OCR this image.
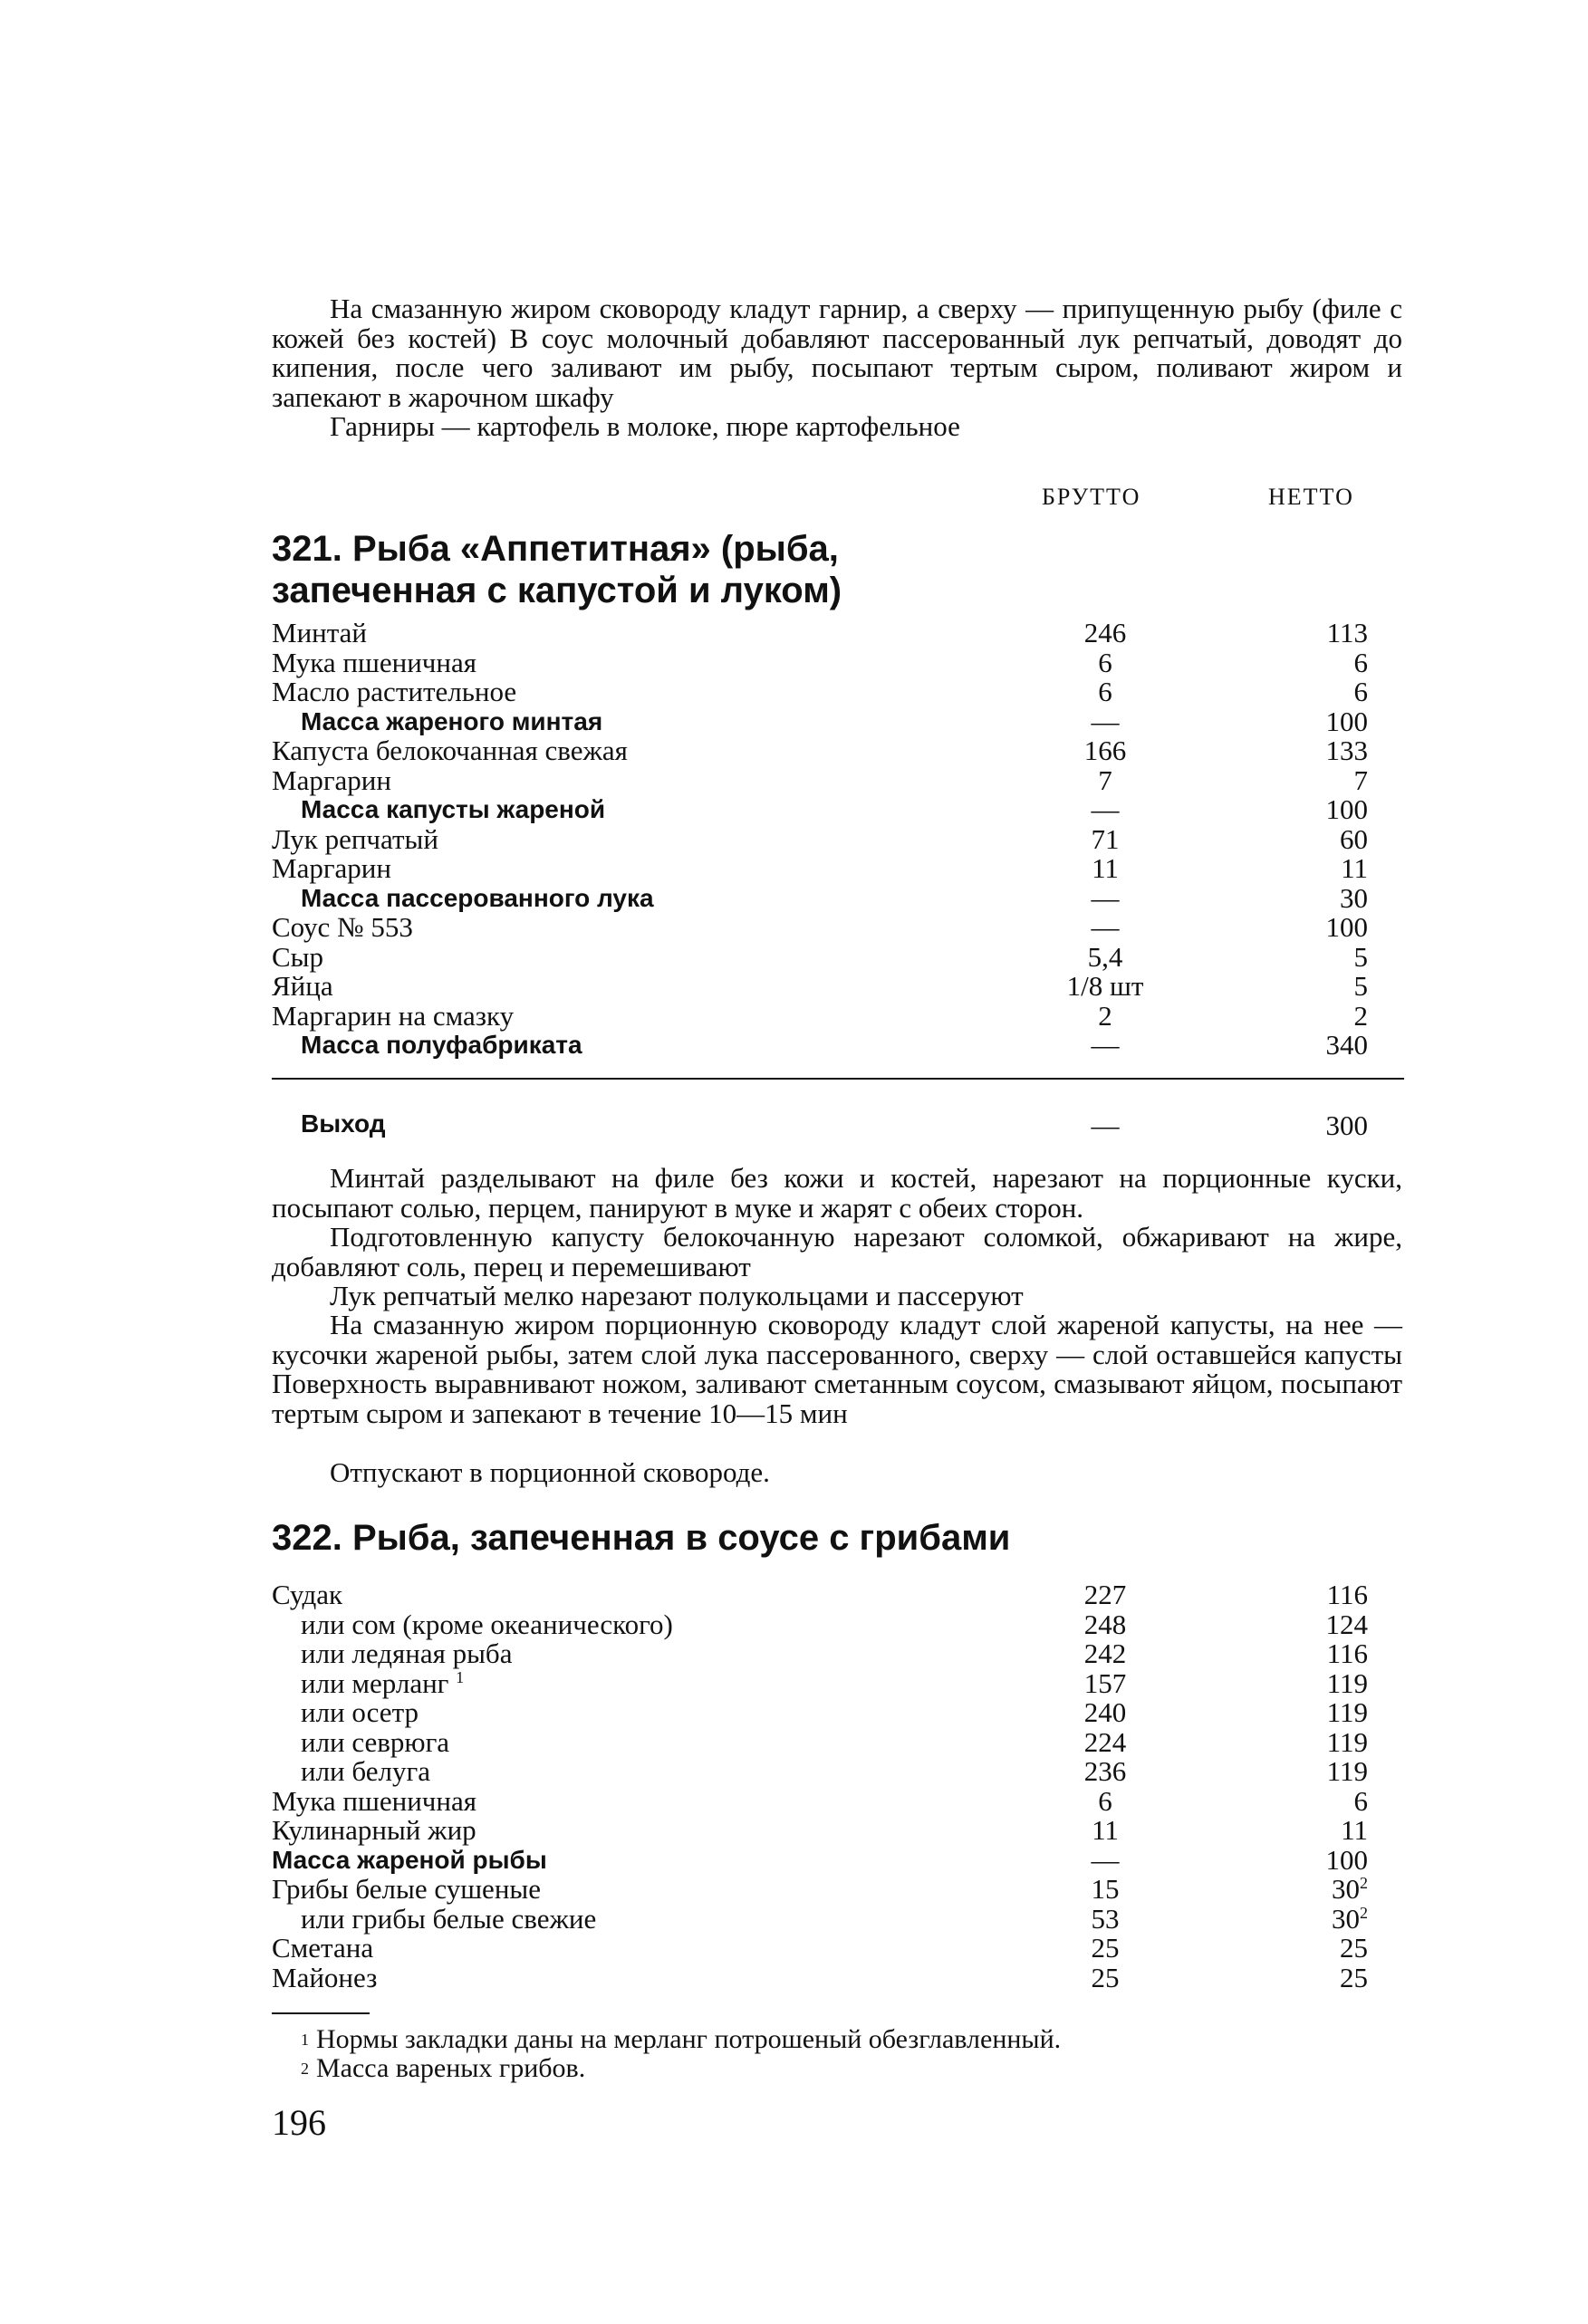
На смазанную жиром сковороду кладут гарнир, а сверху — припущенную рыбу (филе с кожей без костей) В соус молочный добавляют пассерованный лук репчатый, доводят до кипения, после чего заливают им рыбу, посыпают тертым сыром, поливают жиром и запекают в жарочном шкафу

Гарниры — картофель в молоке, пюре картофельное

БРУТТО	НЕТТО
321. Рыба «Аппетитная» (рыба, запеченная с капустой и луком)
Минтай	246	113
Мука пшеничная	6	6
Масло растительное	6	6
Масса жареного минтая	—	100
Капуста белокочанная свежая	166	133
Маргарин	7	7
Масса капусты жареной	—	100
Лук репчатый	71	60
Маргарин	11	11
Масса пассерованного лука	—	30
Соус № 553	—	100
Сыр	5,4	5
Яйца	1/8 шт	5
Маргарин на смазку	2	2
Масса полуфабриката	—	340
Выход	—	300

Минтай разделывают на филе без кожи и костей, нарезают на порционные куски, посыпают солью, перцем, панируют в муке и жарят с обеих сторон.

Подготовленную капусту белокочанную нарезают соломкой, обжаривают на жире, добавляют соль, перец и перемешивают

Лук репчатый мелко нарезают полукольцами и пассеруют

На смазанную жиром порционную сковороду кладут слой жареной капусты, на нее — кусочки жареной рыбы, затем слой лука пассерованного, сверху — слой оставшейся капусты Поверхность выравнивают ножом, заливают сметанным соусом, смазывают яйцом, посыпают тертым сыром и запекают в течение 10—15 мин

Отпускают в порционной сковороде.

322. Рыба, запеченная в соусе с грибами
Судак	227	116
или сом (кроме океанического)	248	124
или ледяная рыба	242	116
или мерланг $^1$	157	119
или осетр	240	119
или севрюга	224	119
или белуга	236	119
Мука пшеничная	6	6
Кулинарный жир	11	11
Масса жареной рыбы	—	100
Грибы белые сушеные	15	$30^2$
или грибы белые свежие	53	$30^2$
Сметана	25	25
Майонез	25	25
$^1$ Нормы закладки даны на мерланг потрошеный обезглавленный.
$^2$ Масса вареных грибов.
196
